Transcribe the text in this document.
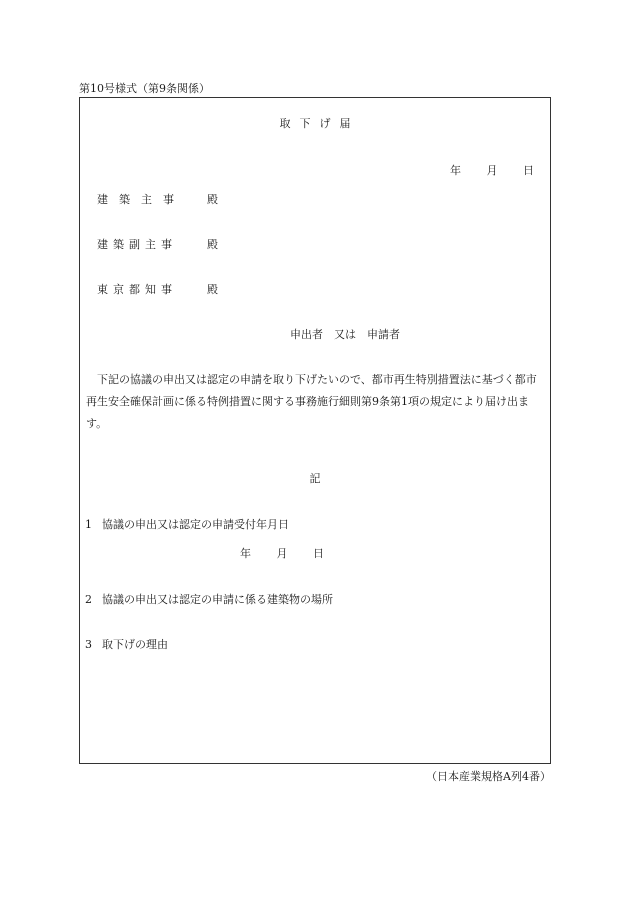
第10号様式（第9条関係）
取下げ届
年 月 日
建築主事 殿
建築副主事	殿
東京都知事	殿
申出者　又は　申請者
下記の協議の申出又は認定の申請を取り下げたいので、都市再生特別措置法に基づく都市再生安全確保計画に係る特例措置に関する事務施行細則第9条第1項の規定により届け出ます。
記
1 協議の申出又は認定の申請受付年月日
年 月 日
2 協議の申出又は認定の申請に係る建築物の場所
3 取下げの理由
（日本産業規格A列4番）
